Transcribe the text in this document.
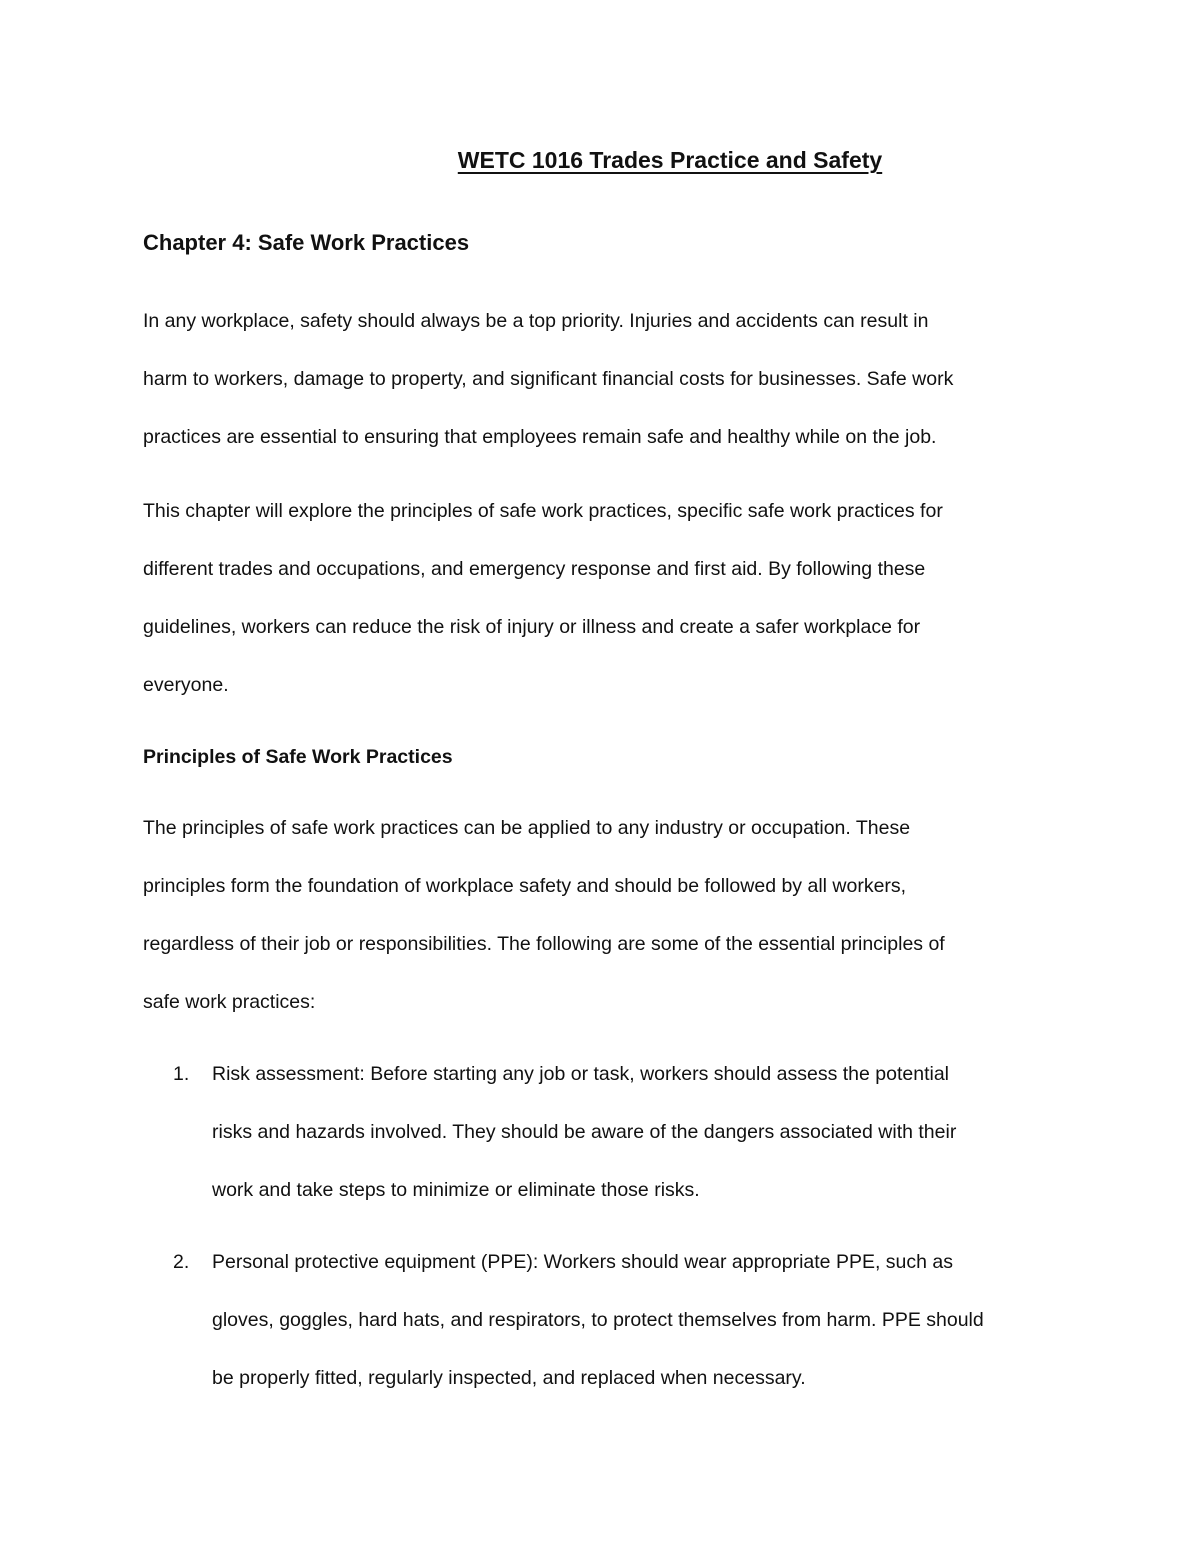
WETC 1016 Trades Practice and Safety
Chapter 4: Safe Work Practices

In any workplace, safety should always be a top priority. Injuries and accidents can result in
harm to workers, damage to property, and significant financial costs for businesses. Safe work
practices are essential to ensuring that employees remain safe and healthy while on the job.

This chapter will explore the principles of safe work practices, specific safe work practices for
different trades and occupations, and emergency response and first aid. By following these
guidelines, workers can reduce the risk of injury or illness and create a safer workplace for
everyone.

Principles of Safe Work Practices

The principles of safe work practices can be applied to any industry or occupation. These
principles form the foundation of workplace safety and should be followed by all workers,
regardless of their job or responsibilities. The following are some of the essential principles of
safe work practices:

1. Risk assessment: Before starting any job or task, workers should assess the potential
risks and hazards involved. They should be aware of the dangers associated with their
work and take steps to minimize or eliminate those risks.
2. Personal protective equipment (PPE): Workers should wear appropriate PPE, such as
gloves, goggles, hard hats, and respirators, to protect themselves from harm. PPE should
be properly fitted, regularly inspected, and replaced when necessary.
